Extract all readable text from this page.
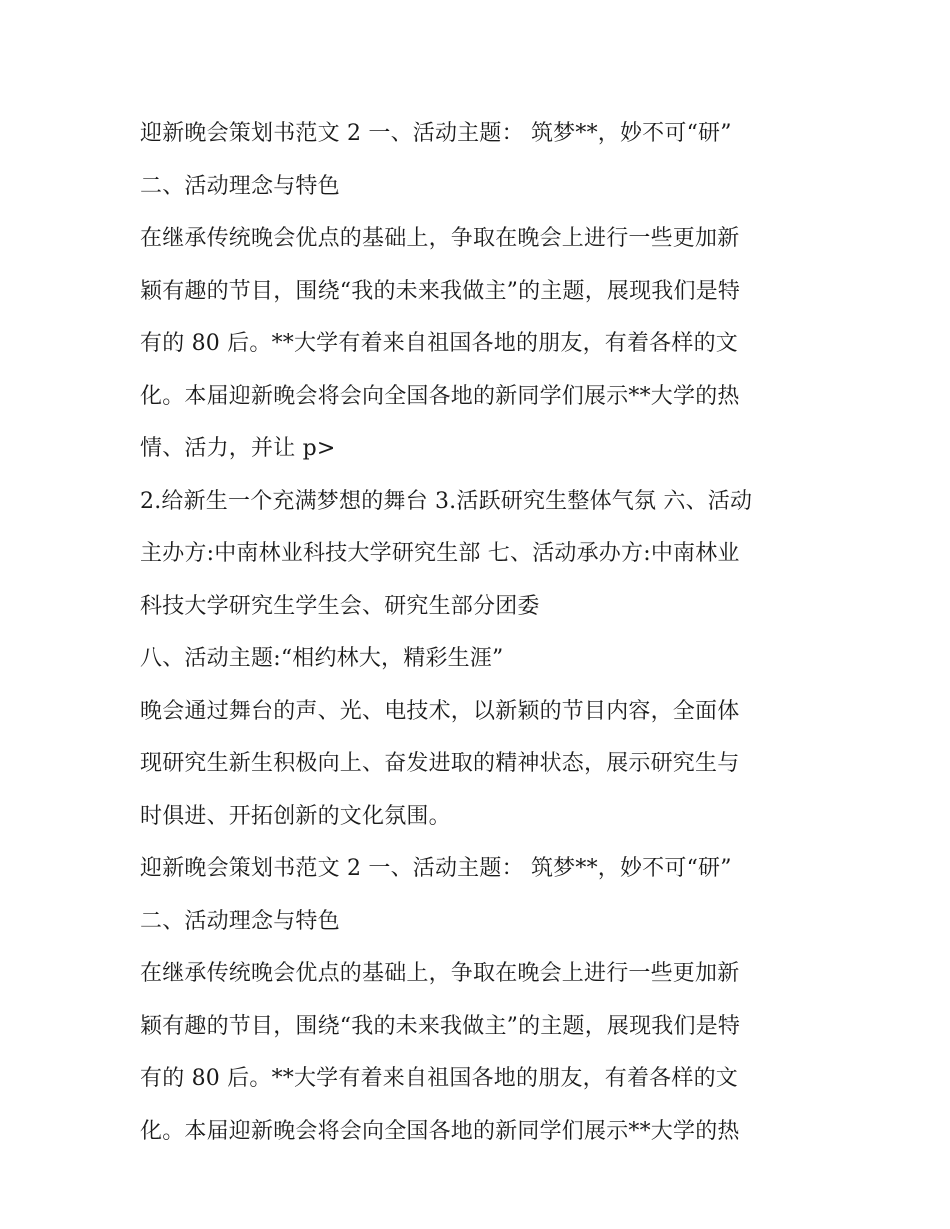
迎新晚会策划书范文 2 一、活动主题： 筑梦**，妙不可“研”
二、活动理念与特色
在继承传统晚会优点的基础上，争取在晚会上进行一些更加新
颖有趣的节目，围绕“我的未来我做主”的主题，展现我们是特
有的 80 后。**大学有着来自祖国各地的朋友，有着各样的文
化。本届迎新晚会将会向全国各地的新同学们展示**大学的热
情、活力，并让 p>
2.给新生一个充满梦想的舞台 3.活跃研究生整体气氛 六、活动
主办方:中南林业科技大学研究生部 七、活动承办方:中南林业
科技大学研究生学生会、研究生部分团委
八、活动主题:“相约林大，精彩生涯”
晚会通过舞台的声、光、电技术，以新颖的节目内容，全面体
现研究生新生积极向上、奋发进取的精神状态，展示研究生与
时俱进、开拓创新的文化氛围。
迎新晚会策划书范文 2 一、活动主题： 筑梦**，妙不可“研”
二、活动理念与特色
在继承传统晚会优点的基础上，争取在晚会上进行一些更加新
颖有趣的节目，围绕“我的未来我做主”的主题，展现我们是特
有的 80 后。**大学有着来自祖国各地的朋友，有着各样的文
化。本届迎新晚会将会向全国各地的新同学们展示**大学的热
